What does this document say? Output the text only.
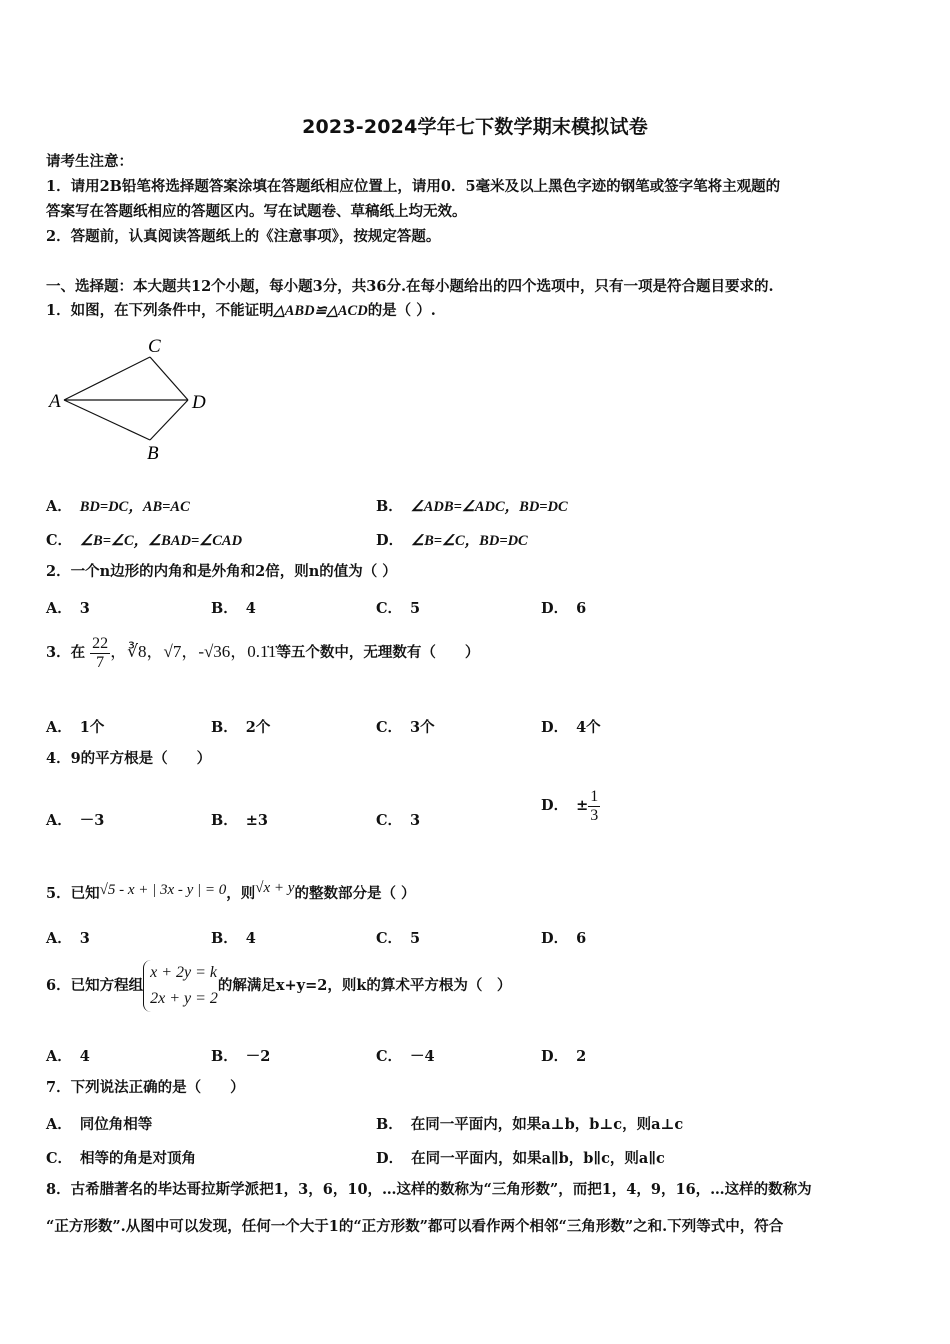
2023-2024学年七下数学期末模拟试卷
请考生注意：
1．请用2B铅笔将选择题答案涂填在答题纸相应位置上，请用0．5毫米及以上黑色字迹的钢笔或签字笔将主观题的
答案写在答题纸相应的答题区内。写在试题卷、草稿纸上均无效。
2．答题前，认真阅读答题纸上的《注意事项》，按规定答题。
一、选择题：本大题共12个小题，每小题3分，共36分.在每小题给出的四个选项中，只有一项是符合题目要求的.
1．如图，在下列条件中，不能证明△ABD≌△ACD的是（ ）.
C
D
A
B
A． BD=DC，AB=AC	B． ∠ADB=∠ADC，BD=DC
C． ∠B=∠C，∠BAD=∠CAD	D． ∠B=∠C，BD=DC
2．一个n边形的内角和是外角和2倍，则n的值为（ ）
A． 3	B． 4	C． 5	D． 6
3．在 $\frac{22}{7}$ ，∛8，√7，-√36，0.1̇1̇等五个数中，无理数有（　　）
A． 1个	B． 2个	C． 3个	D． 4个
4．9的平方根是（　　）
A． －3	B． ±3	C． 3
D． ± $\frac{1}{3}$
5．已知√5 - x + | 3x - y | = 0，则√x + y的整数部分是（ ）
A． 3	B． 4	C． 5	D． 6
6．已知方程组
x + 2y = k
2x + y = 2
的解满足x+y=2，则k的算术平方根为（　）
A． 4	B． －2	C． －4	D． 2
7．下列说法正确的是（　　）
A． 同位角相等	B． 在同一平面内，如果a⊥b，b⊥c，则a⊥c
C． 相等的角是对顶角	D． 在同一平面内，如果a∥b，b∥c，则a∥c
8．古希腊著名的毕达哥拉斯学派把1，3，6，10，…这样的数称为“三角形数”，而把1，4，9，16，…这样的数称为
“正方形数”.从图中可以发现，任何一个大于1的“正方形数”都可以看作两个相邻“三角形数”之和.下列等式中，符合
